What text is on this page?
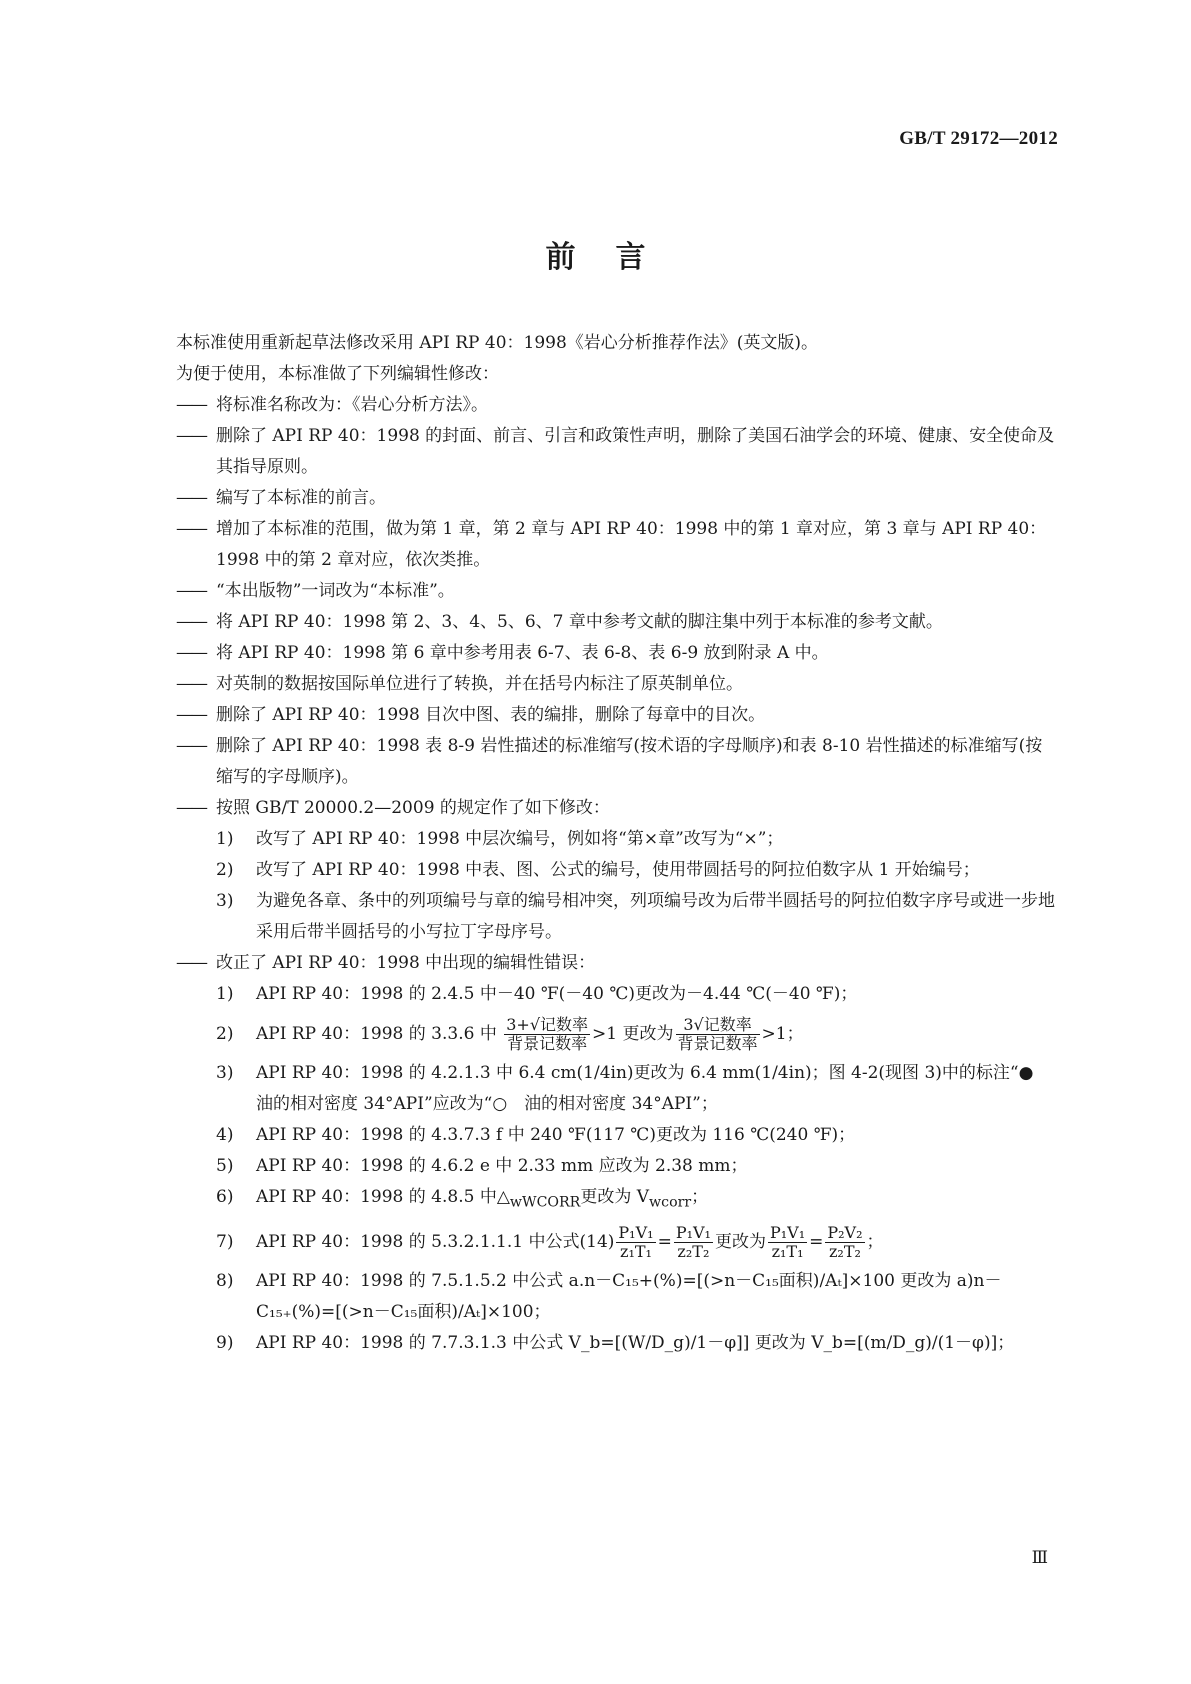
GB/T 29172—2012
前言

本标准使用重新起草法修改采用 API RP 40：1998《岩心分析推荐作法》(英文版)。

为便于使用，本标准做了下列编辑性修改：

—— 将标准名称改为：《岩心分析方法》。
—— 删除了 API RP 40：1998 的封面、前言、引言和政策性声明，删除了美国石油学会的环境、健康、安全使命及其指导原则。
—— 编写了本标准的前言。
—— 增加了本标准的范围，做为第 1 章，第 2 章与 API RP 40：1998 中的第 1 章对应，第 3 章与 API RP 40：1998 中的第 2 章对应，依次类推。
—— “本出版物”一词改为“本标准”。
—— 将 API RP 40：1998 第 2、3、4、5、6、7 章中参考文献的脚注集中列于本标准的参考文献。
—— 将 API RP 40：1998 第 6 章中参考用表 6-7、表 6-8、表 6-9 放到附录 A 中。
—— 对英制的数据按国际单位进行了转换，并在括号内标注了原英制单位。
—— 删除了 API RP 40：1998 目次中图、表的编排，删除了每章中的目次。
—— 删除了 API RP 40：1998 表 8-9 岩性描述的标准缩写(按术语的字母顺序)和表 8-10 岩性描述的标准缩写(按缩写的字母顺序)。
—— 按照 GB/T 20000.2—2009 的规定作了如下修改：
1)	改写了 API RP 40：1998 中层次编号，例如将“第×章”改写为“×”；
2)	改写了 API RP 40：1998 中表、图、公式的编号，使用带圆括号的阿拉伯数字从 1 开始编号；
3)	为避免各章、条中的列项编号与章的编号相冲突，列项编号改为后带半圆括号的阿拉伯数字序号或进一步地采用后带半圆括号的小写拉丁字母序号。
—— 改正了 API RP 40：1998 中出现的编辑性错误：
1)	API RP 40：1998 的 2.4.5 中－40 ℉(－40 ℃)更改为－4.44 ℃(－40 ℉)；
2)	API RP 40：1998 的 3.3.6 中 $\frac{\text{3+√记数率}}{\text{背景记数率}} >1$ 更改为 $\frac{\text{3√记数率}}{\text{背景记数率}} >1$；
3)	API RP 40：1998 的 4.2.1.3 中 6.4 cm(1/4in)更改为 6.4 mm(1/4in)；图 4-2(现图 3)中的标注“●　油的相对密度 34°API”应改为“○　油的相对密度 34°API”；
4)	API RP 40：1998 的 4.3.7.3 f 中 240 ℉(117 ℃)更改为 116 ℃(240 ℉)；
5)	API RP 40：1998 的 4.6.2 e 中 2.33 mm 应改为 2.38 mm；
6)	API RP 40：1998 的 4.8.5 中$\triangle_{wWCORR}$更改为 $V_{wcorr}$；
7)	API RP 40：1998 的 5.3.2.1.1.1 中公式$(14) \frac{\text{P₁V₁}}{\text{z₁T₁}} = \frac{\text{P₁V₁}}{\text{z₂T₂}}$ 更改为 $\frac{\text{P₁V₁}}{\text{z₁T₁}} = \frac{\text{P₂V₂}}{\text{z₂T₂}}$ ；
8)	API RP 40：1998 的 7.5.1.5.2 中公式 a.n－C₁₅+(%)=[(>n－C₁₅面积)/Aₜ]×100 更改为 a)n－C₁₅₊(%)=[(>n－C₁₅面积)/Aₜ]×100；
9)	API RP 40：1998 的 7.7.3.1.3 中公式 V_b=[(W/D_g)/1－φ]] 更改为 V_b=[(m/D_g)/(1－φ)]；
Ⅲ
